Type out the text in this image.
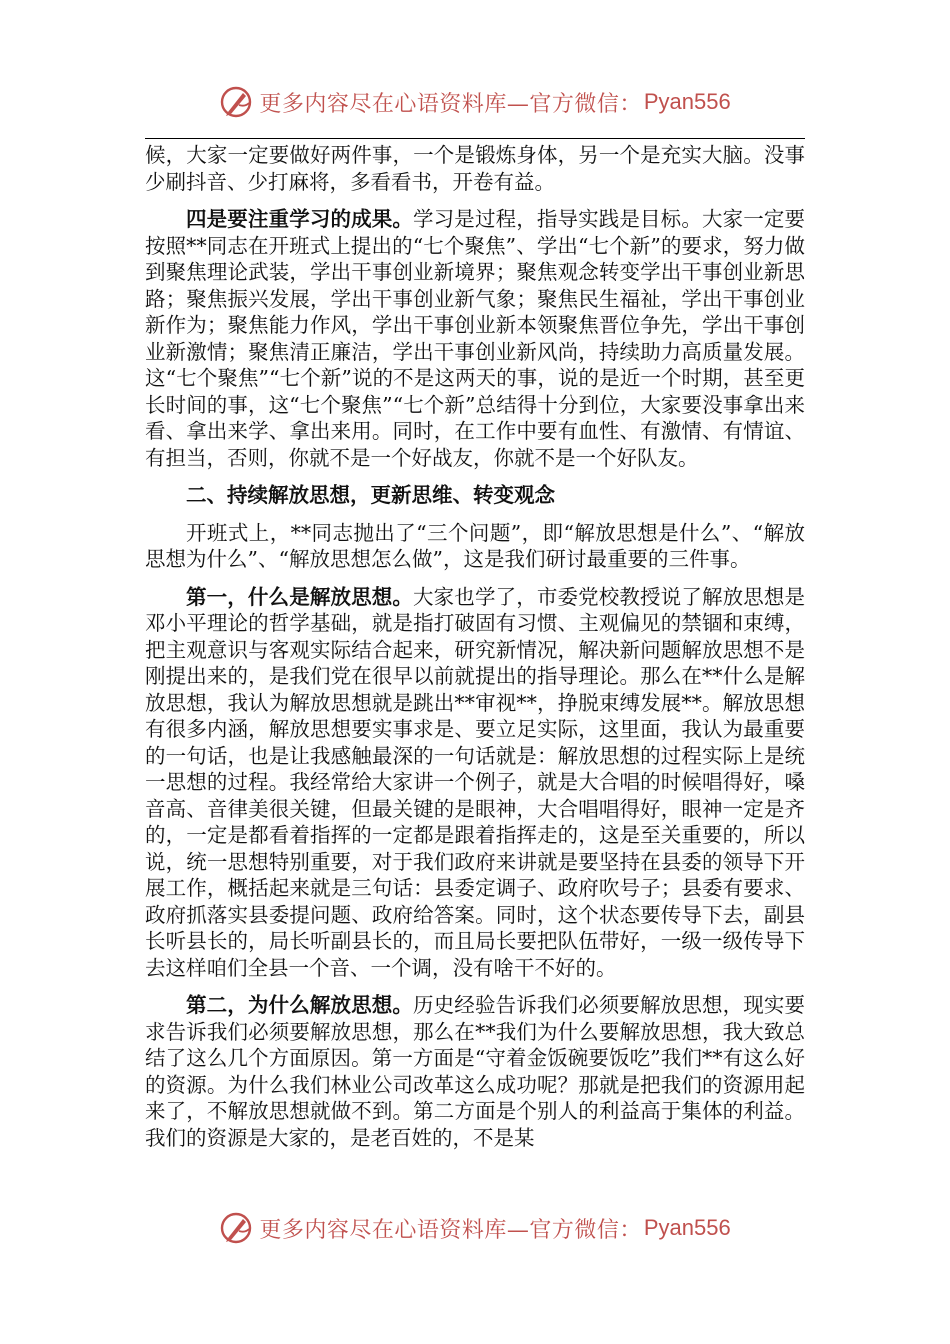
更多内容尽在心语资料库—官方微信： Pyan556

候，大家一定要做好两件事，一个是锻炼身体，另一个是充实大脑。没事少刷抖音、少打麻将，多看看书，开卷有益。

四是要注重学习的成果。学习是过程，指导实践是目标。大家一定要按照**同志在开班式上提出的“七个聚焦”、学出“七个新”的要求，努力做到聚焦理论武装，学出干事创业新境界；聚焦观念转变学出干事创业新思路；聚焦振兴发展，学出干事创业新气象；聚焦民生福祉，学出干事创业新作为；聚焦能力作风，学出干事创业新本领聚焦晋位争先，学出干事创业新激情；聚焦清正廉洁，学出干事创业新风尚，持续助力高质量发展。这“七个聚焦”“七个新”说的不是这两天的事，说的是近一个时期，甚至更长时间的事，这“七个聚焦”“七个新”总结得十分到位，大家要没事拿出来看、拿出来学、拿出来用。同时，在工作中要有血性、有激情、有情谊、有担当，否则，你就不是一个好战友，你就不是一个好队友。

二、持续解放思想，更新思维、转变观念

开班式上，**同志抛出了“三个问题”，即“解放思想是什么”、“解放思想为什么”、“解放思想怎么做”，这是我们研讨最重要的三件事。

第一，什么是解放思想。大家也学了，市委党校教授说了解放思想是邓小平理论的哲学基础，就是指打破固有习惯、主观偏见的禁锢和束缚，把主观意识与客观实际结合起来，研究新情况，解决新问题解放思想不是刚提出来的，是我们党在很早以前就提出的指导理论。那么在**什么是解放思想，我认为解放思想就是跳出**审视**，挣脱束缚发展**。解放思想有很多内涵，解放思想要实事求是、要立足实际，这里面，我认为最重要的一句话，也是让我感触最深的一句话就是：解放思想的过程实际上是统一思想的过程。我经常给大家讲一个例子，就是大合唱的时候唱得好，嗓音高、音律美很关键，但最关键的是眼神，大合唱唱得好，眼神一定是齐的，一定是都看着指挥的一定都是跟着指挥走的，这是至关重要的，所以说，统一思想特别重要，对于我们政府来讲就是要坚持在县委的领导下开展工作，概括起来就是三句话：县委定调子、政府吹号子；县委有要求、政府抓落实县委提问题、政府给答案。同时，这个状态要传导下去，副县长听县长的，局长听副县长的，而且局长要把队伍带好，一级一级传导下去这样咱们全县一个音、一个调，没有啥干不好的。

第二，为什么解放思想。历史经验告诉我们必须要解放思想，现实要求告诉我们必须要解放思想，那么在**我们为什么要解放思想，我大致总结了这么几个方面原因。第一方面是“守着金饭碗要饭吃”我们**有这么好的资源。为什么我们林业公司改革这么成功呢？那就是把我们的资源用起来了，不解放思想就做不到。第二方面是个别人的利益高于集体的利益。我们的资源是大家的，是老百姓的，不是某

更多内容尽在心语资料库—官方微信： Pyan556
